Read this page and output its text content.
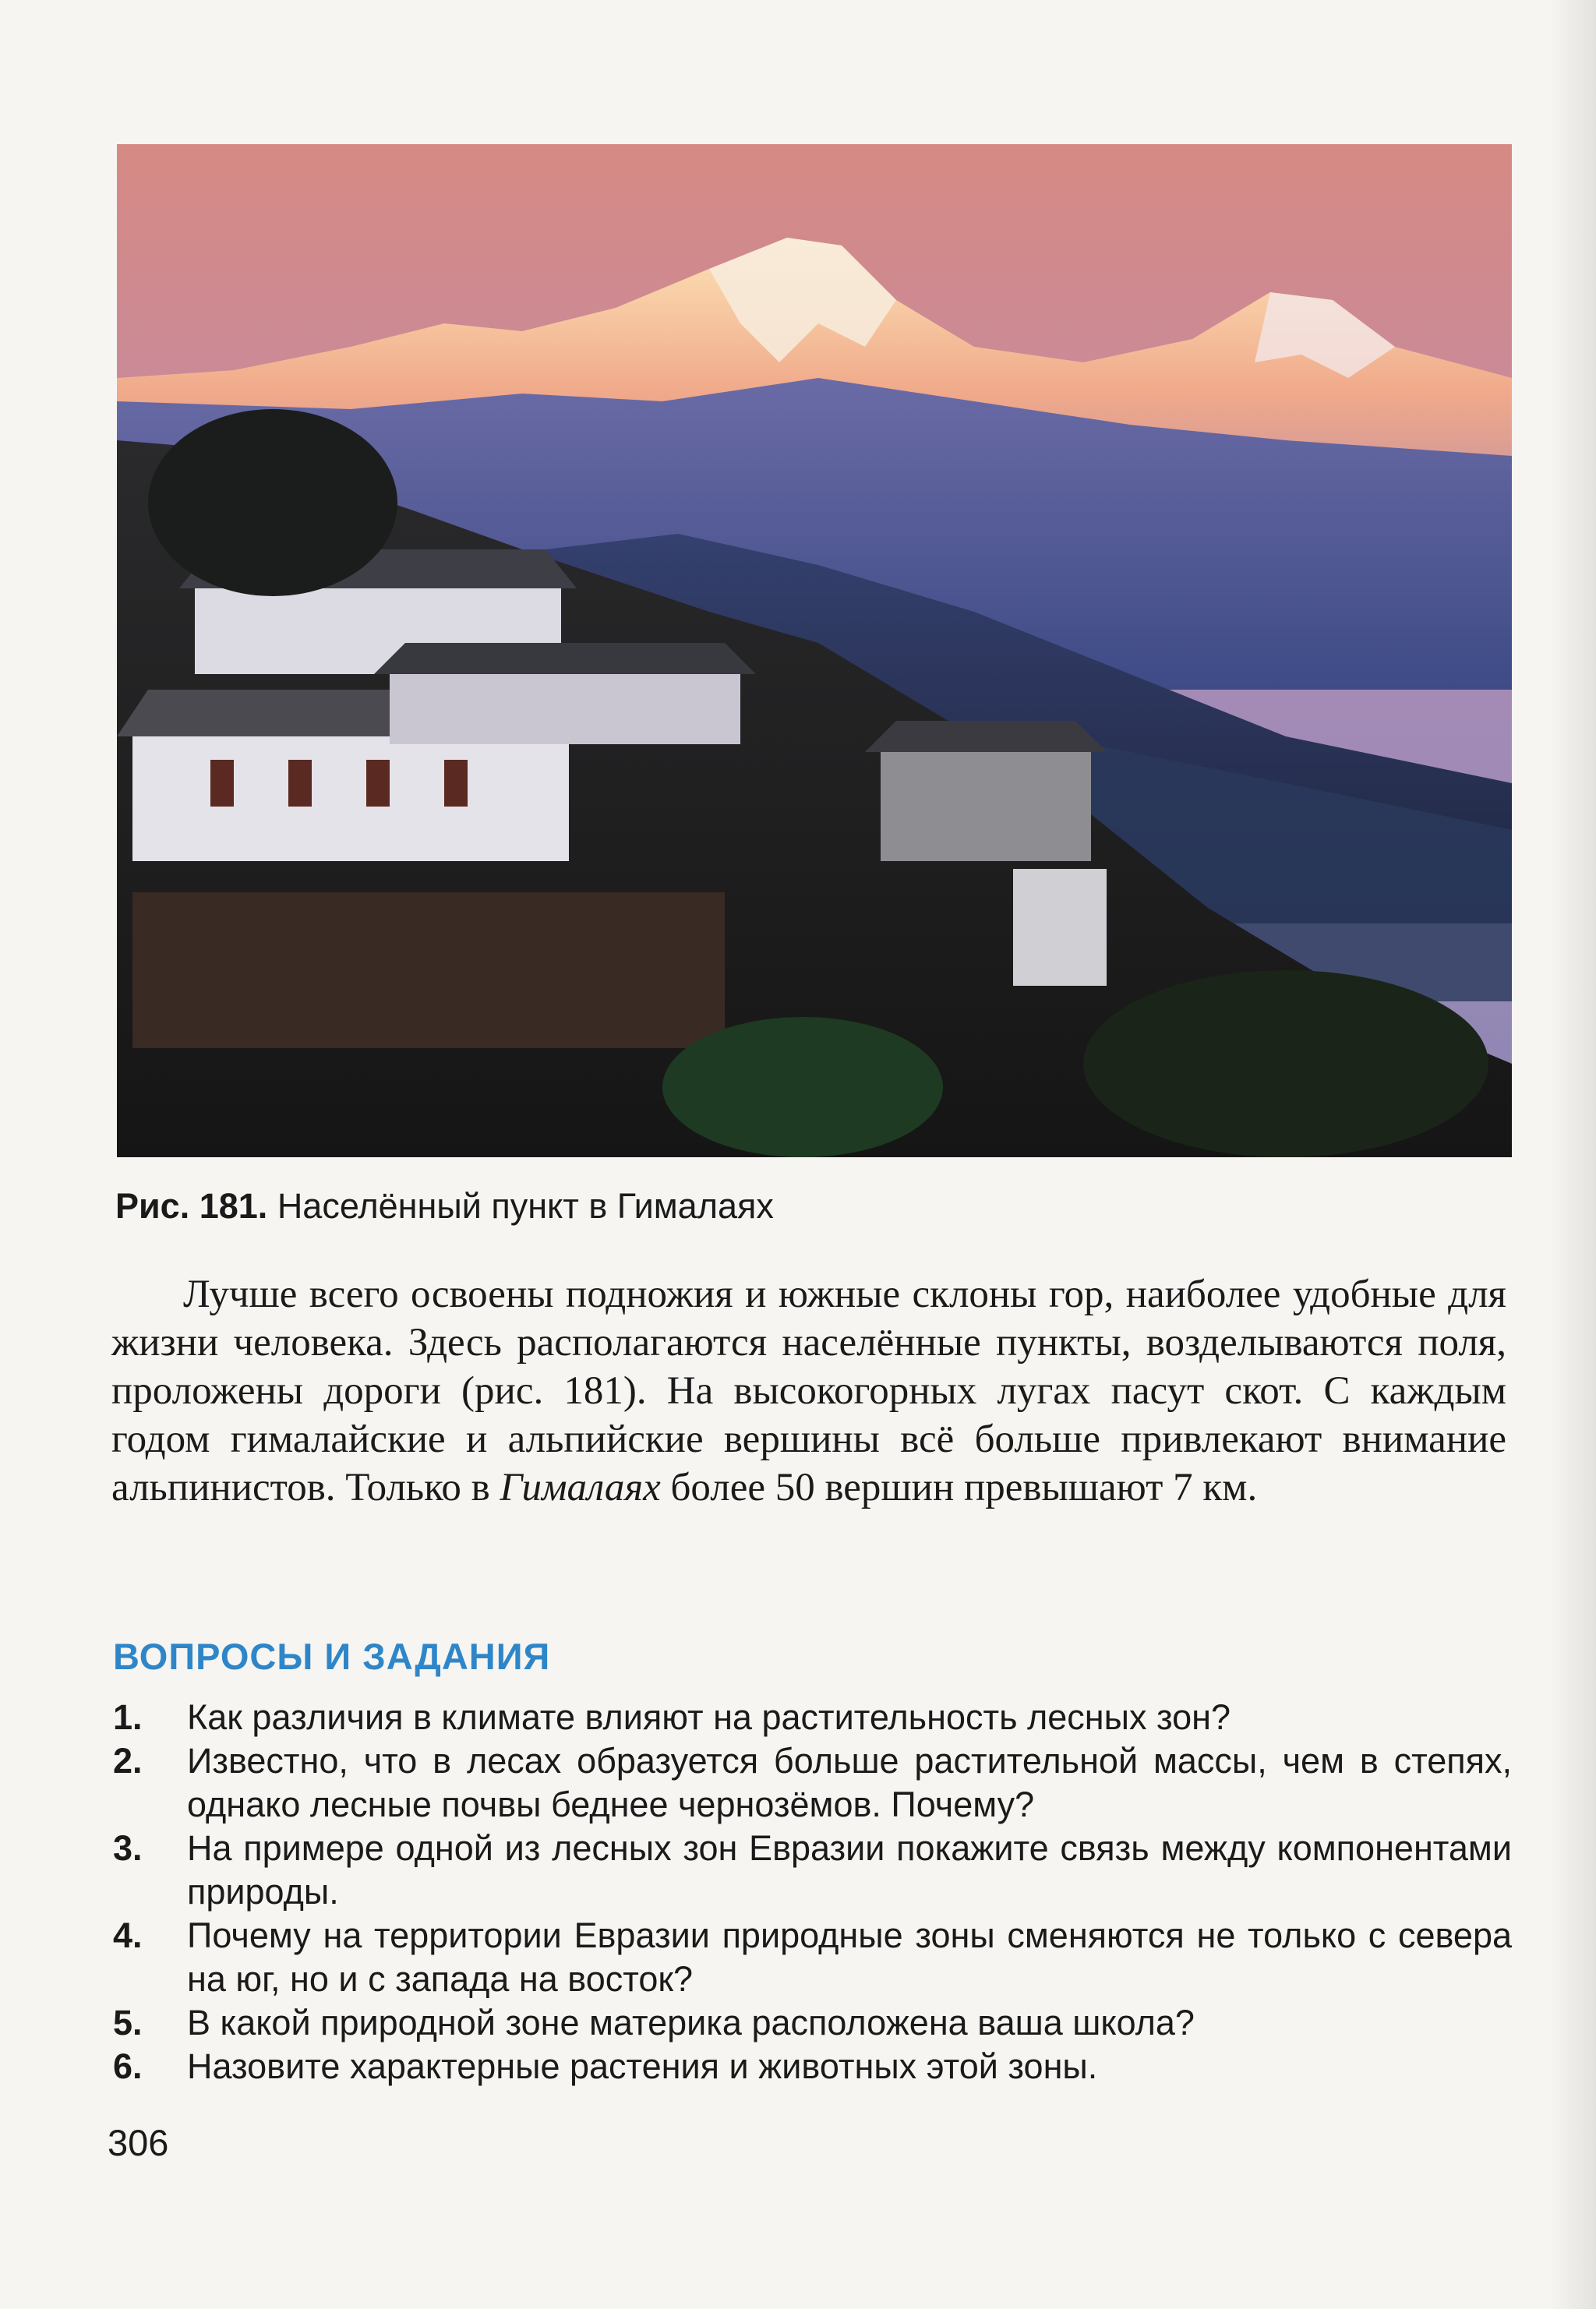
Рис. 181. Населённый пункт в Гималаях

Лучше всего освоены подножия и южные склоны гор, наиболее удобные для жизни человека. Здесь располагаются населённые пункты, возделываются поля, проложены дороги (рис. 181). На высокогорных лугах пасут скот. С каждым годом гималайские и альпийские вершины всё больше привлекают внимание альпинистов. Только в Гималаях более 50 вершин превышают 7 км.

ВОПРОСЫ И ЗАДАНИЯ
1. Как различия в климате влияют на растительность лесных зон?
2. Известно, что в лесах образуется больше растительной массы, чем в степях, однако лесные почвы беднее чернозёмов. Почему?
3. На примере одной из лесных зон Евразии покажите связь между компонентами природы.
4. Почему на территории Евразии природные зоны сменяются не только с севера на юг, но и с запада на восток?
5. В какой природной зоне материка расположена ваша школа?
6. Назовите характерные растения и животных этой зоны.
306
